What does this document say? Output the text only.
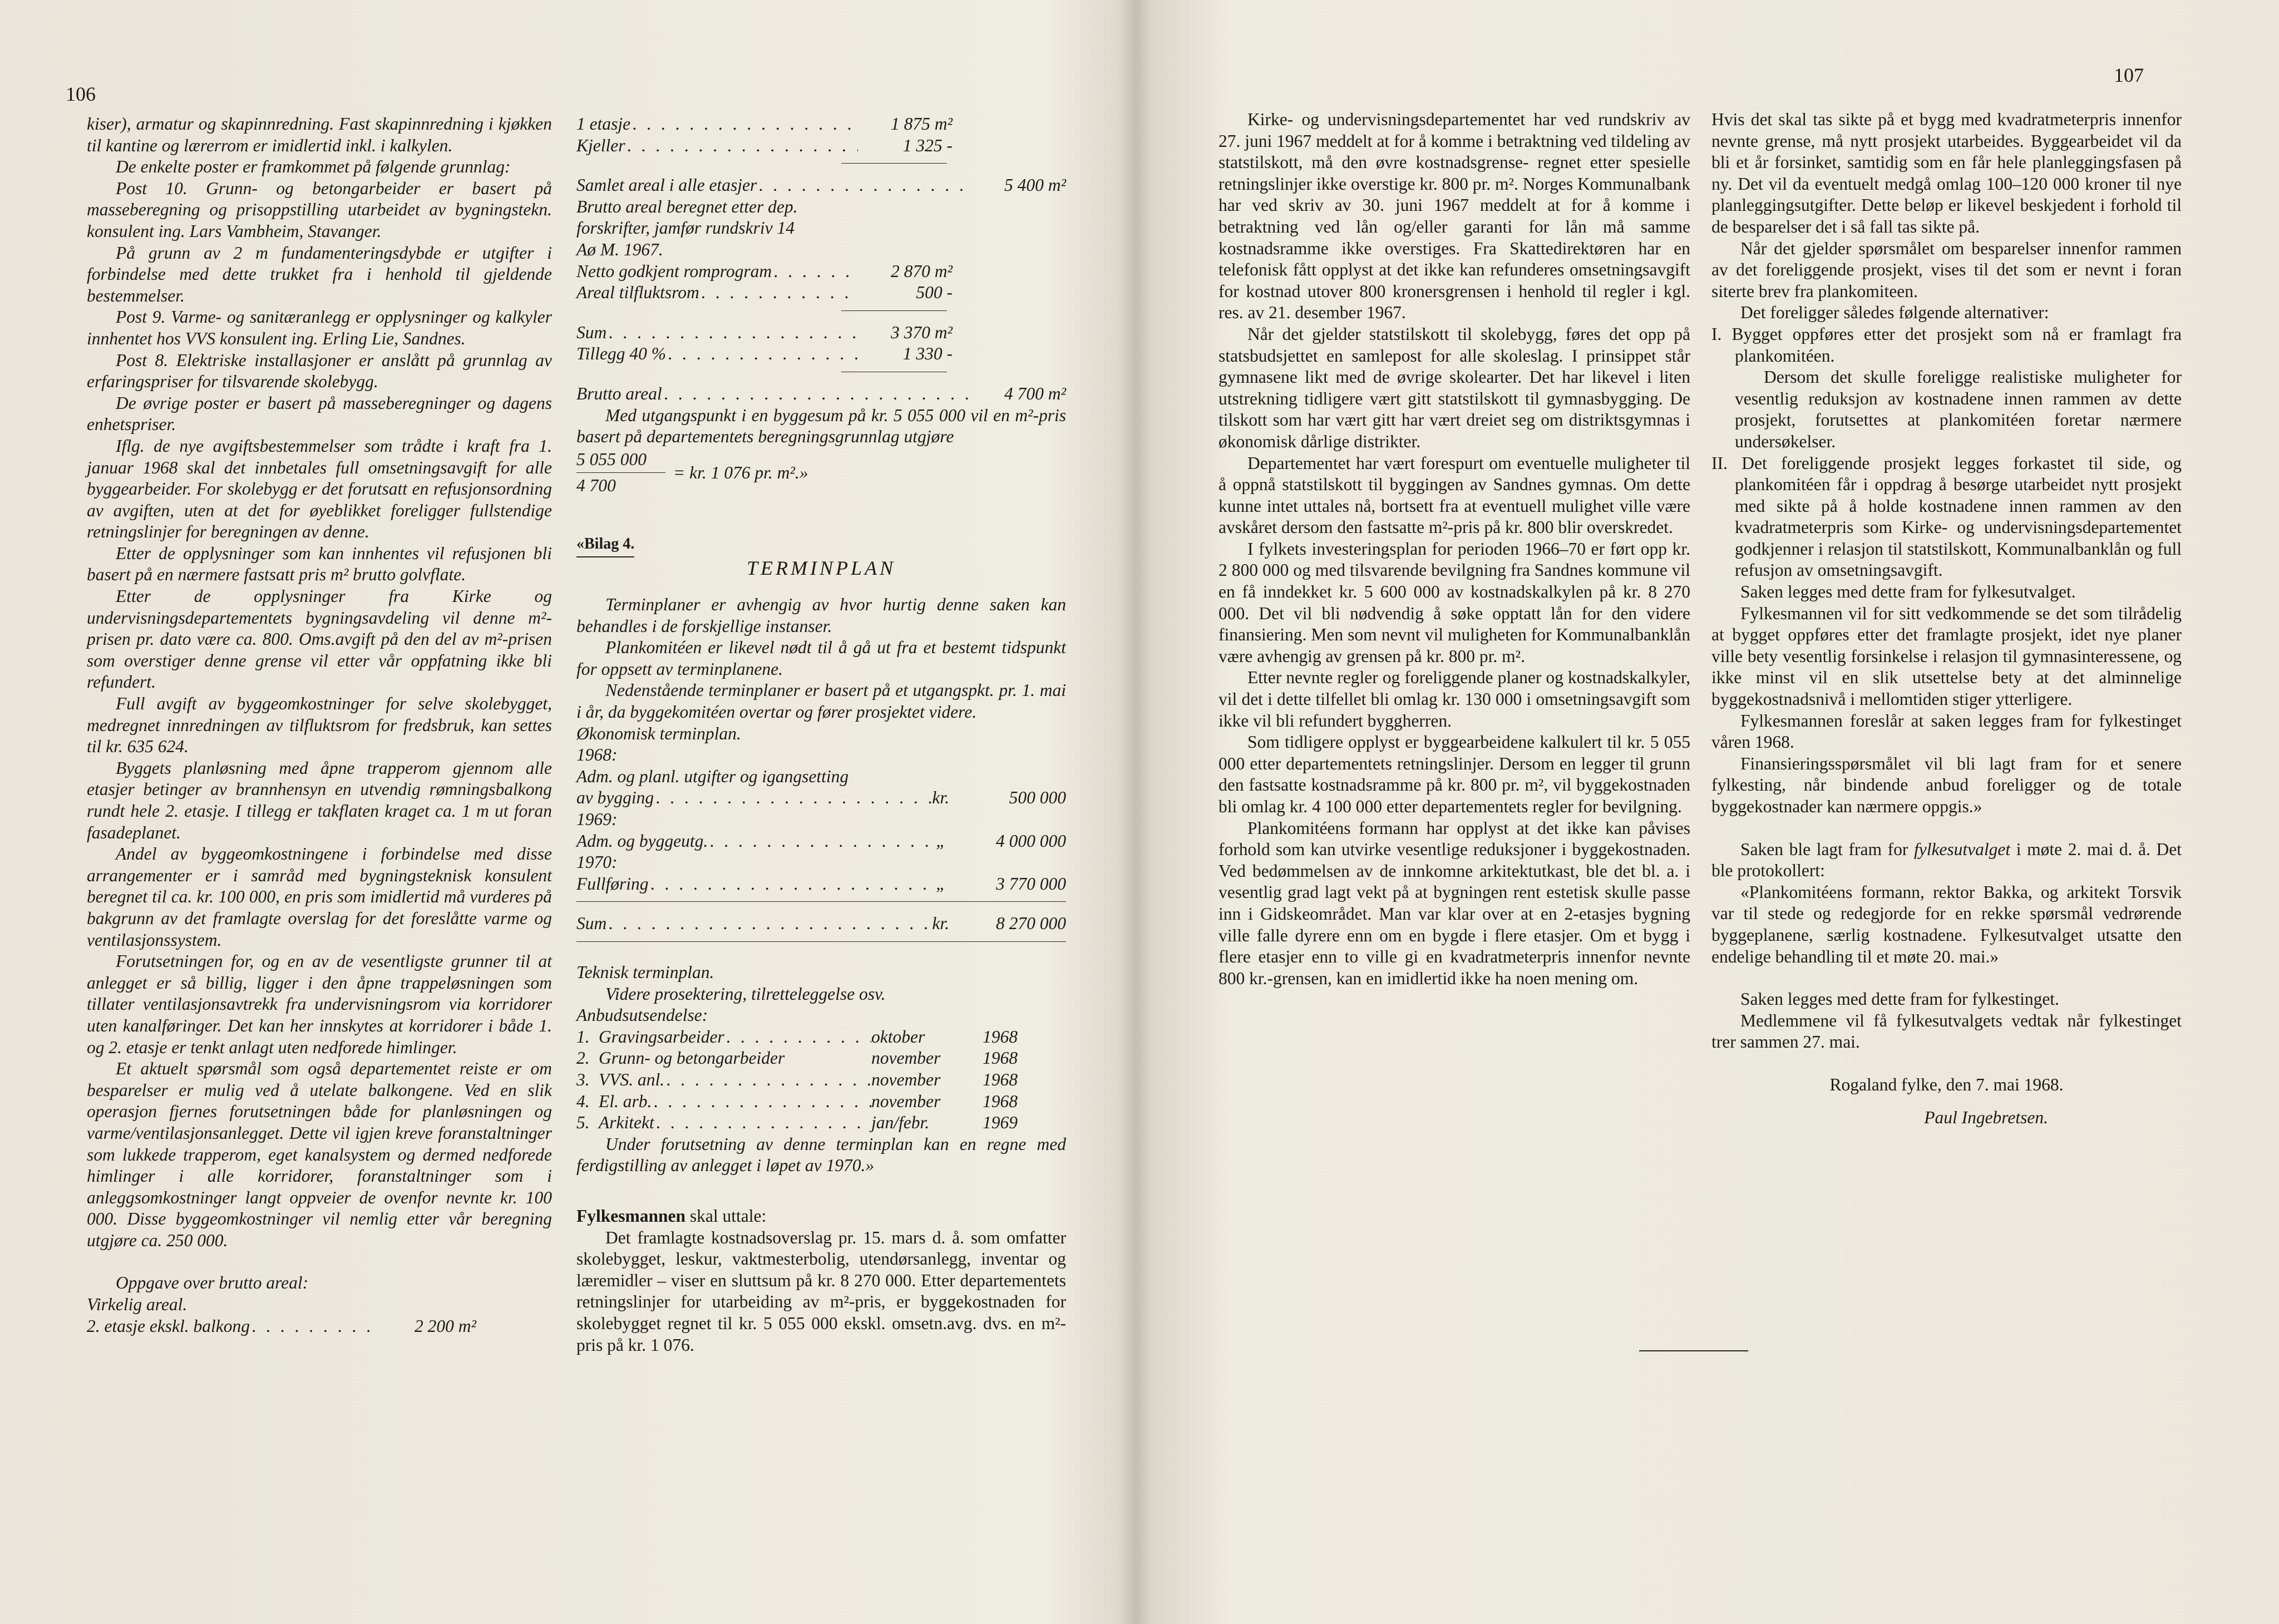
106
107

kiser), armatur og skapinnredning. Fast skapinnredning i kjøkken til kantine og lærerrom er imidlertid inkl. i kalkylen.

De enkelte poster er framkommet på følgende grunnlag:

Post 10. Grunn- og betongarbeider er basert på masseberegning og prisoppstilling utarbeidet av bygningstekn. konsulent ing. Lars Vambheim, Stavanger.

På grunn av 2 m fundamenteringsdybde er utgifter i forbindelse med dette trukket fra i henhold til gjeldende bestemmelser.

Post 9. Varme- og sanitæranlegg er opplysninger og kalkyler innhentet hos VVS konsulent ing. Erling Lie, Sandnes.

Post 8. Elektriske installasjoner er anslått på grunnlag av erfaringspriser for tilsvarende skolebygg.

De øvrige poster er basert på masseberegninger og dagens enhetspriser.

Iflg. de nye avgiftsbestemmelser som trådte i kraft fra 1. januar 1968 skal det innbetales full omsetningsavgift for alle byggearbeider. For skolebygg er det forutsatt en refusjonsordning av avgiften, uten at det for øyeblikket foreligger fullstendige retningslinjer for beregningen av denne.

Etter de opplysninger som kan innhentes vil refusjonen bli basert på en nærmere fastsatt pris m² brutto golvflate.

Etter de opplysninger fra Kirke og undervisningsdepartementets bygningsavdeling vil denne m²-prisen pr. dato være ca. 800. Oms.avgift på den del av m²-prisen som overstiger denne grense vil etter vår oppfatning ikke bli refundert.

Full avgift av byggeomkostninger for selve skolebygget, medregnet innredningen av tilfluktsrom for fredsbruk, kan settes til kr. 635 624.

Byggets planløsning med åpne trapperom gjennom alle etasjer betinger av brannhensyn en utvendig rømningsbalkong rundt hele 2. etasje. I tillegg er takflaten kraget ca. 1 m ut foran fasadeplanet.

Andel av byggeomkostningene i forbindelse med disse arrangementer er i samråd med bygningsteknisk konsulent beregnet til ca. kr. 100 000, en pris som imidlertid må vurderes på bakgrunn av det framlagte overslag for det foreslåtte varme og ventilasjonssystem.

Forutsetningen for, og en av de vesentligste grunner til at anlegget er så billig, ligger i den åpne trappeløsningen som tillater ventilasjonsavtrekk fra undervisningsrom via korridorer uten kanalføringer. Det kan her innskytes at korridorer i både 1. og 2. etasje er tenkt anlagt uten nedforede himlinger.

Et aktuelt spørsmål som også departementet reiste er om besparelser er mulig ved å utelate balkongene. Ved en slik operasjon fjernes forutsetningen både for planløsningen og varme/ventilasjonsanlegget. Dette vil igjen kreve foranstaltninger som lukkede trapperom, eget kanalsystem og dermed nedforede himlinger i alle korridorer, foranstaltninger som i anleggsomkostninger langt oppveier de ovenfor nevnte kr. 100 000. Disse byggeomkostninger vil nemlig etter vår beregning utgjøre ca. 250 000.

Oppgave over brutto areal:

Virkelig areal.

2. etasje ekskl. balkong . . .	2 200 m²
1 etasje . . .	1 875 m²
Kjeller . . .	1 325 -
Samlet areal i alle etasjer . . .	5 400 m²

Brutto areal beregnet etter dep.

forskrifter, jamfør rundskriv 14

Aø M. 1967.

Netto godkjent romprogram . . .	2 870 m²
Areal tilfluktsrom . . .	500 -
Sum . . .	3 370 m²
Tillegg 40 % . . .	1 330 -
Brutto areal . . .	4 700 m²

Med utgangspunkt i en byggesum på kr. 5 055 000 vil en m²-pris basert på departementets beregningsgrunnlag utgjøre

$\frac{5 055 000}{4 700}$ = kr. 1 076 pr. m².»
«Bilag 4.
TERMINPLAN

Terminplaner er avhengig av hvor hurtig denne saken kan behandles i de forskjellige instanser.

Plankomitéen er likevel nødt til å gå ut fra et bestemt tidspunkt for oppsett av terminplanene.

Nedenstående terminplaner er basert på et utgangspkt. pr. 1. mai i år, da byggekomitéen overtar og fører prosjektet videre.

Økonomisk terminplan.

1968:

Adm. og planl. utgifter og igangsetting

av bygging . . .	kr.	500 000

1969:

Adm. og byggeutg. . . .	„	4 000 000

1970:

Fullføring . . .	„	3 770 000
Sum . . .	kr.	8 270 000

Teknisk terminplan.

Videre prosektering, tilretteleggelse osv.

Anbudsutsendelse:

1. Gravingsarbeider . . .	oktober	1968
2. Grunn- og betongarbeider	november	1968
3. VVS. anl. . . .	november	1968
4. El. arb. . . .	november	1968
5. Arkitekt . . .	jan/febr.	1969

Under forutsetning av denne terminplan kan en regne med ferdigstilling av anlegget i løpet av 1970.»

Fylkesmannen skal uttale:

Det framlagte kostnadsoverslag pr. 15. mars d. å. som omfatter skolebygget, leskur, vaktmesterbolig, utendørsanlegg, inventar og læremidler – viser en sluttsum på kr. 8 270 000. Etter departementets retningslinjer for utarbeiding av m²-pris, er byggekostnaden for skolebygget regnet til kr. 5 055 000 ekskl. omsetn.avg. dvs. en m²-pris på kr. 1 076.

Kirke- og undervisningsdepartementet har ved rundskriv av 27. juni 1967 meddelt at for å komme i betraktning ved tildeling av statstilskott, må den øvre kostnadsgrense- regnet etter spesielle retningslinjer ikke overstige kr. 800 pr. m². Norges Kommunalbank har ved skriv av 30. juni 1967 meddelt at for å komme i betraktning ved lån og/eller garanti for lån må samme kostnadsramme ikke overstiges. Fra Skattedirektøren har en telefonisk fått opplyst at det ikke kan refunderes omsetningsavgift for kostnad utover 800 kronersgrensen i henhold til regler i kgl. res. av 21. desember 1967.

Når det gjelder statstilskott til skolebygg, føres det opp på statsbudsjettet en samlepost for alle skoleslag. I prinsippet står gymnasene likt med de øvrige skolearter. Det har likevel i liten utstrekning tidligere vært gitt statstilskott til gymnasbygging. De tilskott som har vært gitt har vært dreiet seg om distriktsgymnas i økonomisk dårlige distrikter.

Departementet har vært forespurt om eventuelle muligheter til å oppnå statstilskott til byggingen av Sandnes gymnas. Om dette kunne intet uttales nå, bortsett fra at eventuell mulighet ville være avskåret dersom den fastsatte m²-pris på kr. 800 blir overskredet.

I fylkets investeringsplan for perioden 1966–70 er ført opp kr. 2 800 000 og med tilsvarende bevilgning fra Sandnes kommune vil en få inndekket kr. 5 600 000 av kostnadskalkylen på kr. 8 270 000. Det vil bli nødvendig å søke opptatt lån for den videre finansiering. Men som nevnt vil muligheten for Kommunalbanklån være avhengig av grensen på kr. 800 pr. m².

Etter nevnte regler og foreliggende planer og kostnadskalkyler, vil det i dette tilfellet bli omlag kr. 130 000 i omsetningsavgift som ikke vil bli refundert byggherren.

Som tidligere opplyst er byggearbeidene kalkulert til kr. 5 055 000 etter departementets retningslinjer. Dersom en legger til grunn den fastsatte kostnadsramme på kr. 800 pr. m², vil byggekostnaden bli omlag kr. 4 100 000 etter departementets regler for bevilgning.

Plankomitéens formann har opplyst at det ikke kan påvises forhold som kan utvirke vesentlige reduksjoner i byggekostnaden. Ved bedømmelsen av de innkomne arkitektutkast, ble det bl. a. i vesentlig grad lagt vekt på at bygningen rent estetisk skulle passe inn i Gidskeområdet. Man var klar over at en 2-etasjes bygning ville falle dyrere enn om en bygde i flere etasjer. Om et bygg i flere etasjer enn to ville gi en kvadratmeterpris innenfor nevnte 800 kr.-grensen, kan en imidlertid ikke ha noen mening om.

Hvis det skal tas sikte på et bygg med kvadratmeterpris innenfor nevnte grense, må nytt prosjekt utarbeides. Byggearbeidet vil da bli et år forsinket, samtidig som en får hele planleggingsfasen på ny. Det vil da eventuelt medgå omlag 100–120 000 kroner til nye planleggingsutgifter. Dette beløp er likevel beskjedent i forhold til de besparelser det i så fall tas sikte på.

Når det gjelder spørsmålet om besparelser innenfor rammen av det foreliggende prosjekt, vises til det som er nevnt i foran siterte brev fra plankomiteen.

Det foreligger således følgende alternativer:

I. Bygget oppføres etter det prosjekt som nå er framlagt fra plankomitéen.

Dersom det skulle foreligge realistiske muligheter for vesentlig reduksjon av kostnadene innen rammen av dette prosjekt, forutsettes at plankomitéen foretar nærmere undersøkelser.

II. Det foreliggende prosjekt legges forkastet til side, og plankomitéen får i oppdrag å besørge utarbeidet nytt prosjekt med sikte på å holde kostnadene innen rammen av den kvadratmeterpris som Kirke- og undervisningsdepartementet godkjenner i relasjon til statstilskott, Kommunalbanklån og full refusjon av omsetningsavgift.

Saken legges med dette fram for fylkesutvalget.

Fylkesmannen vil for sitt vedkommende se det som tilrådelig at bygget oppføres etter det framlagte prosjekt, idet nye planer ville bety vesentlig forsinkelse i relasjon til gymnasinteressene, og ikke minst vil en slik utsettelse bety at det alminnelige byggekostnadsnivå i mellomtiden stiger ytterligere.

Fylkesmannen foreslår at saken legges fram for fylkestinget våren 1968.

Finansieringsspørsmålet vil bli lagt fram for et senere fylkesting, når bindende anbud foreligger og de totale byggekostnader kan nærmere oppgis.»

Saken ble lagt fram for fylkesutvalget i møte 2. mai d. å. Det ble protokollert:

«Plankomitéens formann, rektor Bakka, og arkitekt Torsvik var til stede og redegjorde for en rekke spørsmål vedrørende byggeplanene, særlig kostnadene. Fylkesutvalget utsatte den endelige behandling til et møte 20. mai.»

Saken legges med dette fram for fylkestinget.

Medlemmene vil få fylkesutvalgets vedtak når fylkestinget trer sammen 27. mai.

Rogaland fylke, den 7. mai 1968.

Paul Ingebretsen.
